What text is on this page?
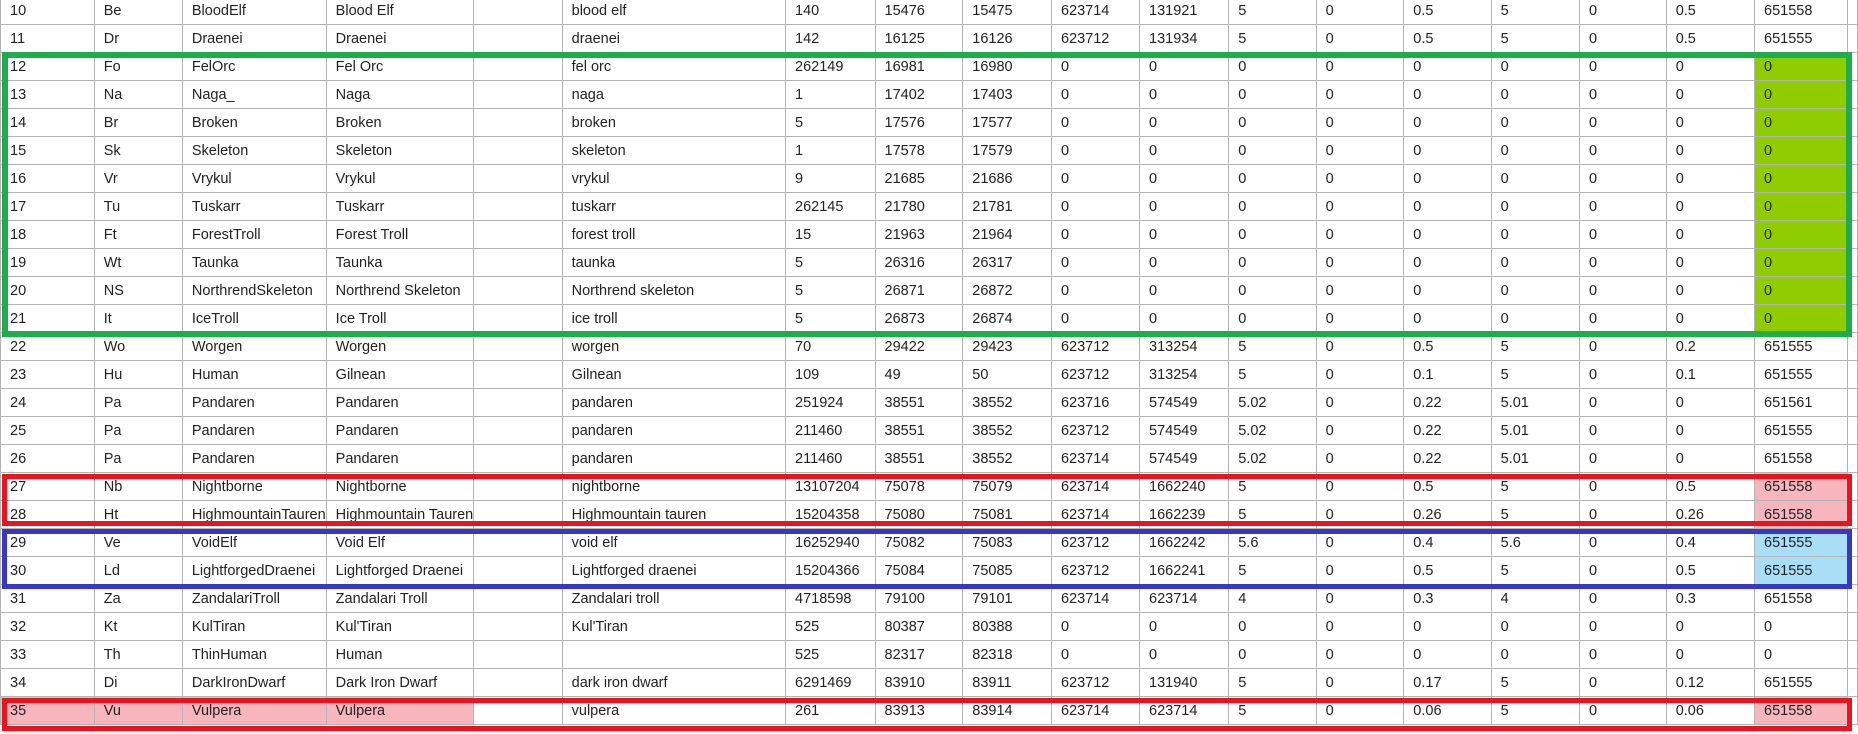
10	Be	BloodElf	Blood Elf		blood elf	140	15476	15475	623714	131921	5	0	0.5	5	0	0.5	651558	
11	Dr	Draenei	Draenei		draenei	142	16125	16126	623712	131934	5	0	0.5	5	0	0.5	651555	
12	Fo	FelOrc	Fel Orc		fel orc	262149	16981	16980	0	0	0	0	0	0	0	0	0	
13	Na	Naga_	Naga		naga	1	17402	17403	0	0	0	0	0	0	0	0	0	
14	Br	Broken	Broken		broken	5	17576	17577	0	0	0	0	0	0	0	0	0	
15	Sk	Skeleton	Skeleton		skeleton	1	17578	17579	0	0	0	0	0	0	0	0	0	
16	Vr	Vrykul	Vrykul		vrykul	9	21685	21686	0	0	0	0	0	0	0	0	0	
17	Tu	Tuskarr	Tuskarr		tuskarr	262145	21780	21781	0	0	0	0	0	0	0	0	0	
18	Ft	ForestTroll	Forest Troll		forest troll	15	21963	21964	0	0	0	0	0	0	0	0	0	
19	Wt	Taunka	Taunka		taunka	5	26316	26317	0	0	0	0	0	0	0	0	0	
20	NS	NorthrendSkeleton	Northrend Skeleton		Northrend skeleton	5	26871	26872	0	0	0	0	0	0	0	0	0	
21	It	IceTroll	Ice Troll		ice troll	5	26873	26874	0	0	0	0	0	0	0	0	0	
22	Wo	Worgen	Worgen		worgen	70	29422	29423	623712	313254	5	0	0.5	5	0	0.2	651555	
23	Hu	Human	Gilnean		Gilnean	109	49	50	623712	313254	5	0	0.1	5	0	0.1	651555	
24	Pa	Pandaren	Pandaren		pandaren	251924	38551	38552	623716	574549	5.02	0	0.22	5.01	0	0	651561	
25	Pa	Pandaren	Pandaren		pandaren	211460	38551	38552	623712	574549	5.02	0	0.22	5.01	0	0	651555	
26	Pa	Pandaren	Pandaren		pandaren	211460	38551	38552	623714	574549	5.02	0	0.22	5.01	0	0	651558	
27	Nb	Nightborne	Nightborne		nightborne	13107204	75078	75079	623714	1662240	5	0	0.5	5	0	0.5	651558	
28	Ht	HighmountainTauren	Highmountain Tauren		Highmountain tauren	15204358	75080	75081	623714	1662239	5	0	0.26	5	0	0.26	651558	
29	Ve	VoidElf	Void Elf		void elf	16252940	75082	75083	623712	1662242	5.6	0	0.4	5.6	0	0.4	651555	
30	Ld	LightforgedDraenei	Lightforged Draenei		Lightforged draenei	15204366	75084	75085	623712	1662241	5	0	0.5	5	0	0.5	651555	
31	Za	ZandalariTroll	Zandalari Troll		Zandalari troll	4718598	79100	79101	623714	623714	4	0	0.3	4	0	0.3	651558	
32	Kt	KulTiran	Kul'Tiran		Kul'Tiran	525	80387	80388	0	0	0	0	0	0	0	0	0	
33	Th	ThinHuman	Human			525	82317	82318	0	0	0	0	0	0	0	0	0	
34	Di	DarkIronDwarf	Dark Iron Dwarf		dark iron dwarf	6291469	83910	83911	623712	131940	5	0	0.17	5	0	0.12	651555	
35	Vu	Vulpera	Vulpera		vulpera	261	83913	83914	623714	623714	5	0	0.06	5	0	0.06	651558	
